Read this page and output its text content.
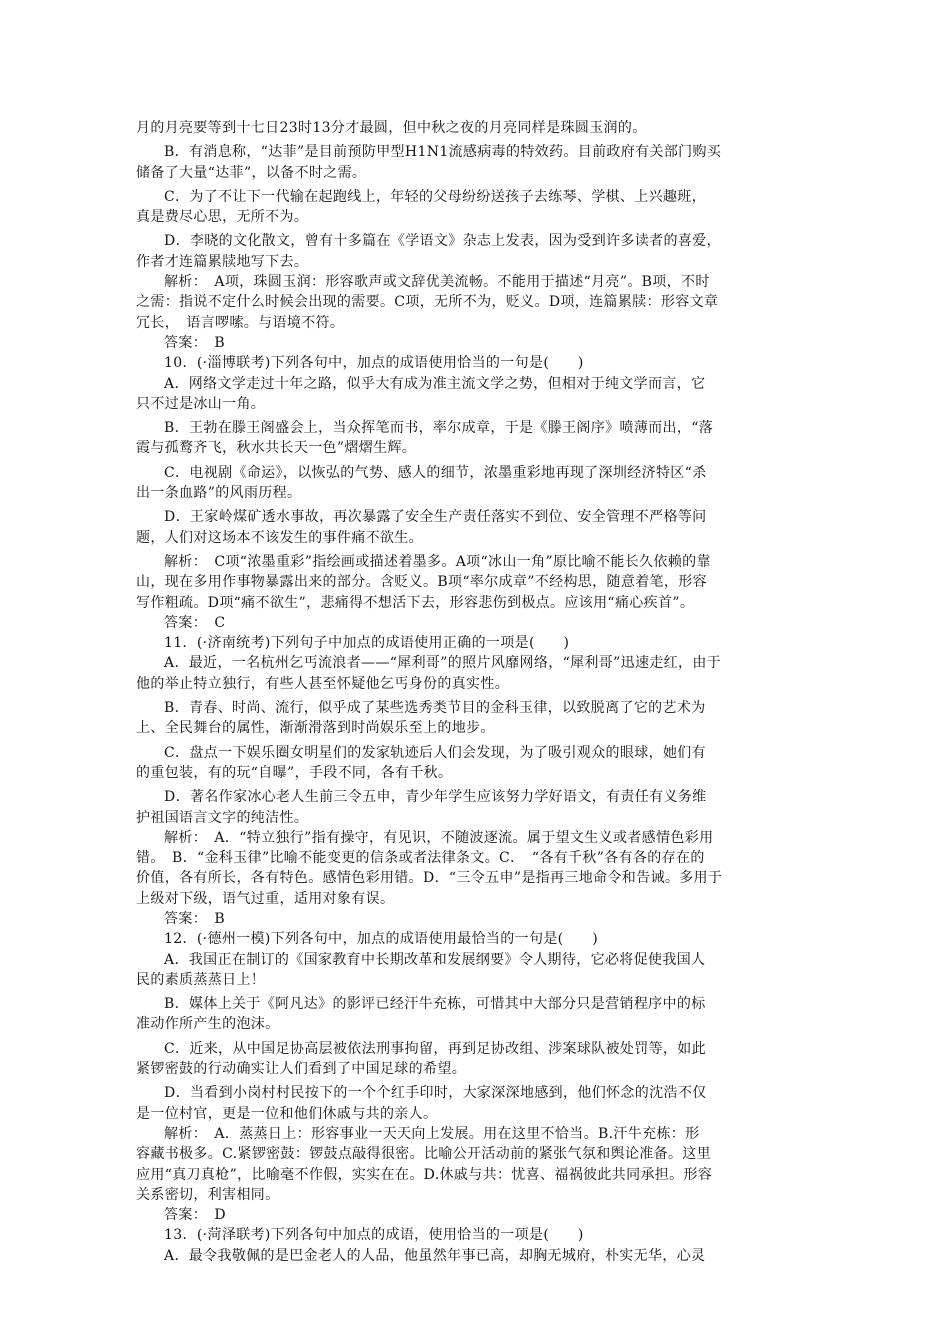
月的月亮要等到十七日23时13分才最圆，但中秋之夜的月亮同样是珠圆玉润的。
B．有消息称，“达菲”是目前预防甲型H1N1流感病毒的特效药。目前政府有关部门购买
储备了大量“达菲”，以备不时之需。
C．为了不让下一代输在起跑线上，年轻的父母纷纷送孩子去练琴、学棋、上兴趣班，
真是费尽心思，无所不为。
D．李晓的文化散文，曾有十多篇在《学语文》杂志上发表，因为受到许多读者的喜爱，
作者才连篇累牍地写下去。
解析：　A项，珠圆玉润：形容歌声或文辞优美流畅。不能用于描述“月亮”。B项，不时
之需：指说不定什么时候会出现的需要。C项，无所不为，贬义。D项，连篇累牍：形容文章
冗长，　语言啰嗦。与语境不符。
答案：　B
10．(·淄博联考)下列各句中，加点的成语使用恰当的一句是(　　)
A．网络文学走过十年之路，似乎大有成为准主流文学之势，但相对于纯文学而言，它
只不过是冰山一角。
B．王勃在滕王阁盛会上，当众挥笔而书，率尔成章，于是《滕王阁序》喷薄而出，“落
霞与孤鹜齐飞，秋水共长天一色”熠熠生辉。
C．电视剧《命运》，以恢弘的气势、感人的细节，浓墨重彩地再现了深圳经济特区“杀
出一条血路”的风雨历程。
D．王家岭煤矿透水事故，再次暴露了安全生产责任落实不到位、安全管理不严格等问
题，人们对这场本不该发生的事件痛不欲生。
解析：　C项“浓墨重彩”指绘画或描述着墨多。A项“冰山一角”原比喻不能长久依赖的靠
山，现在多用作事物暴露出来的部分。含贬义。B项“率尔成章”不经构思，随意着笔，形容
写作粗疏。D项“痛不欲生”，悲痛得不想活下去，形容悲伤到极点。应该用“痛心疾首”。
答案：　C
11．(·济南统考)下列句子中加点的成语使用正确的一项是(　　)
A．最近，一名杭州乞丐流浪者——“犀利哥”的照片风靡网络，“犀利哥”迅速走红，由于
他的举止特立独行，有些人甚至怀疑他乞丐身份的真实性。
B．青春、时尚、流行，似乎成了某些选秀类节目的金科玉律，以致脱离了它的艺术为
上、全民舞台的属性，渐渐滑落到时尚娱乐至上的地步。
C．盘点一下娱乐圈女明星们的发家轨迹后人们会发现，为了吸引观众的眼球，她们有
的重包装，有的玩“自曝”，手段不同，各有千秋。
D．著名作家冰心老人生前三令五申，青少年学生应该努力学好语文，有责任有义务维
护祖国语言文字的纯洁性。
解析：　A．“特立独行”指有操守，有见识，不随波逐流。属于望文生义或者感情色彩用
错。　B．“金科玉律”比喻不能变更的信条或者法律条文。C．　“各有千秋”各有各的存在的
价值，各有所长，各有特色。感情色彩用错。D．“三令五申”是指再三地命令和告诫。多用于
上级对下级，语气过重，适用对象有误。
答案：　B
12．(·德州一模)下列各句中，加点的成语使用最恰当的一句是(　　)
A．我国正在制订的《国家教育中长期改革和发展纲要》令人期待，它必将促使我国人
民的素质蒸蒸日上！
B．媒体上关于《阿凡达》的影评已经汗牛充栋，可惜其中大部分只是营销程序中的标
准动作所产生的泡沫。
C．近来，从中国足协高层被依法刑事拘留，再到足协改组、涉案球队被处罚等，如此
紧锣密鼓的行动确实让人们看到了中国足球的希望。
D．当看到小岗村村民按下的一个个红手印时，大家深深地感到，他们怀念的沈浩不仅
是一位村官，更是一位和他们休戚与共的亲人。
解析：　A．蒸蒸日上：形容事业一天天向上发展。用在这里不恰当。B.汗牛充栋：形
容藏书极多。C.紧锣密鼓：锣鼓点敲得很密。比喻公开活动前的紧张气氛和舆论准备。这里
应用“真刀真枪”，比喻毫不作假，实实在在。D.休戚与共：忧喜、福祸彼此共同承担。形容
关系密切，利害相同。
答案：　D
13．(·菏泽联考)下列各句中加点的成语，使用恰当的一项是(　　)
A．最令我敬佩的是巴金老人的人品，他虽然年事已高，却胸无城府，朴实无华，心灵
